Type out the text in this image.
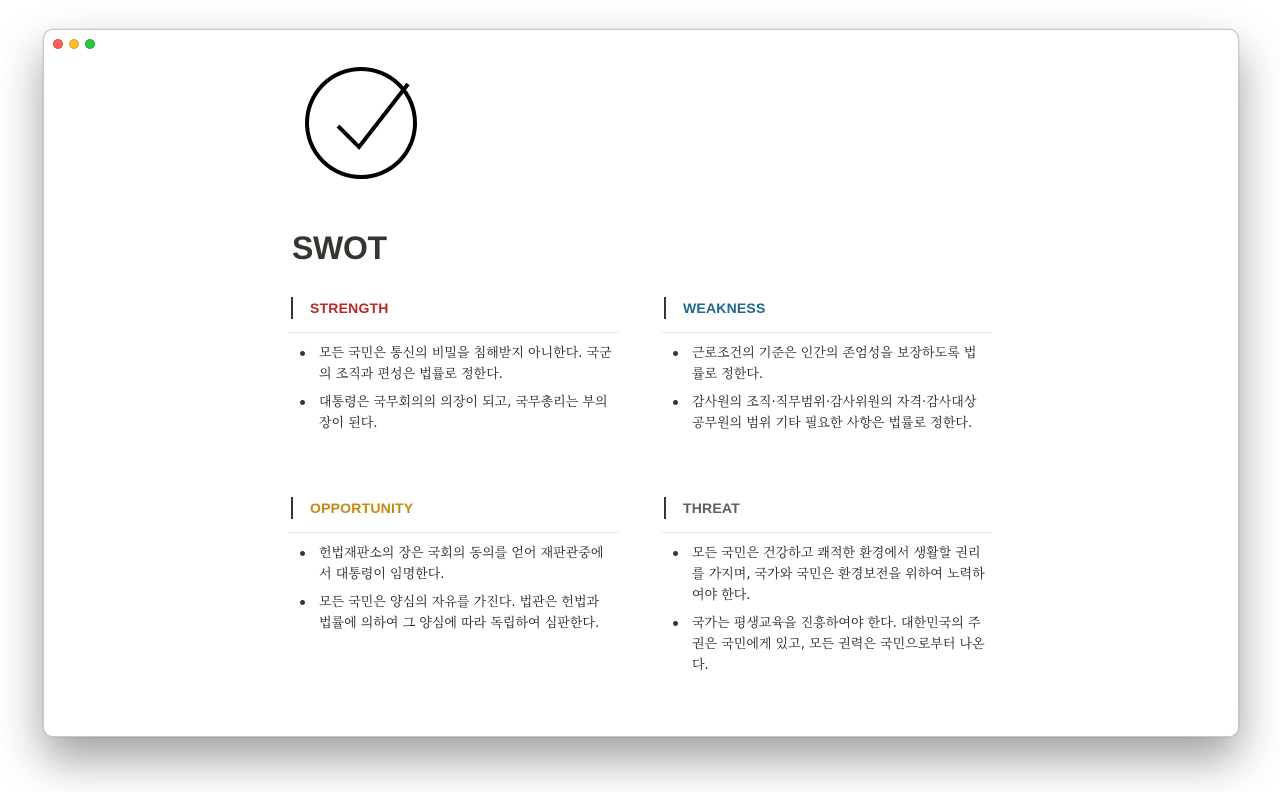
SWOT
STRENGTH
모든 국민은 통신의 비밀을 침해받지 아니한다. 국군의 조직과 편성은 법률로 정한다.
대통령은 국무회의의 의장이 되고, 국무총리는 부의장이 된다.
WEAKNESS
근로조건의 기준은 인간의 존엄성을 보장하도록 법률로 정한다.
감사원의 조직·직무범위·감사위원의 자격·감사대상공무원의 범위 기타 필요한 사항은 법률로 정한다.
OPPORTUNITY
헌법재판소의 장은 국회의 동의를 얻어 재판관중에서 대통령이 임명한다.
모든 국민은 양심의 자유를 가진다. 법관은 헌법과 법률에 의하여 그 양심에 따라 독립하여 심판한다.
THREAT
모든 국민은 건강하고 쾌적한 환경에서 생활할 권리를 가지며, 국가와 국민은 환경보전을 위하여 노력하여야 한다.
국가는 평생교육을 진흥하여야 한다. 대한민국의 주권은 국민에게 있고, 모든 권력은 국민으로부터 나온다.
